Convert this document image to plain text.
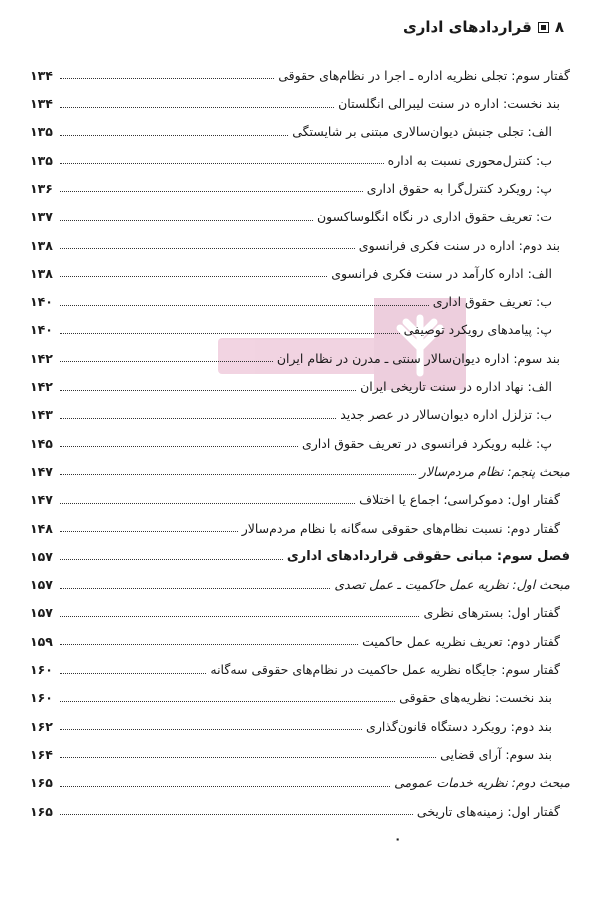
۸
قراردادهای اداری
گفتار سوم: تجلی نظریه اداره ـ اجرا در نظام‌های حقوقی
۱۳۴
بند نخست: اداره در سنت لیبرالی انگلستان
۱۳۴
الف: تجلی جنبش دیوان‌سالاری مبتنی بر شایستگی
۱۳۵
ب: کنترل‌محوری نسبت به اداره
۱۳۵
پ: رویکرد کنترل‌گرا به حقوق اداری
۱۳۶
ت: تعریف حقوق اداری در نگاه انگلوساکسون
۱۳۷
بند دوم: اداره در سنت فکری فرانسوی
۱۳۸
الف: اداره کارآمد در سنت فکری فرانسوی
۱۳۸
ب: تعریف حقوق اداری
۱۴۰
پ: پیامدهای رویکرد توصیفی
۱۴۰
بند سوم: اداره دیوان‌سالار سنتی ـ مدرن در نظام ایران
۱۴۲
الف: نهاد اداره در سنت تاریخی ایران
۱۴۲
ب: تزلزل اداره دیوان‌سالار در عصر جدید
۱۴۳
پ: غلبه رویکرد فرانسوی در تعریف حقوق اداری
۱۴۵
مبحث پنجم: نظام مردم‌سالار
۱۴۷
گفتار اول: دموکراسی؛ اجماع یا اختلاف
۱۴۷
گفتار دوم: نسبت نظام‌های حقوقی سه‌گانه با نظام مردم‌سالار
۱۴۸
فصل سوم: مبانی حقوقی قراردادهای اداری
۱۵۷
مبحث اول: نظریه عمل حاکمیت ـ عمل تصدی
۱۵۷
گفتار اول: بسترهای نظری
۱۵۷
گفتار دوم: تعریف نظریه عمل حاکمیت
۱۵۹
گفتار سوم: جایگاه نظریه عمل حاکمیت در نظام‌های حقوقی سه‌گانه
۱۶۰
بند نخست: نظریه‌های حقوقی
۱۶۰
بند دوم: رویکرد دستگاه قانون‌گذاری
۱۶۲
بند سوم: آرای قضایی
۱۶۴
مبحث دوم: نظریه خدمات عمومی
۱۶۵
گفتار اول: زمینه‌های تاریخی
۱۶۵
۰
